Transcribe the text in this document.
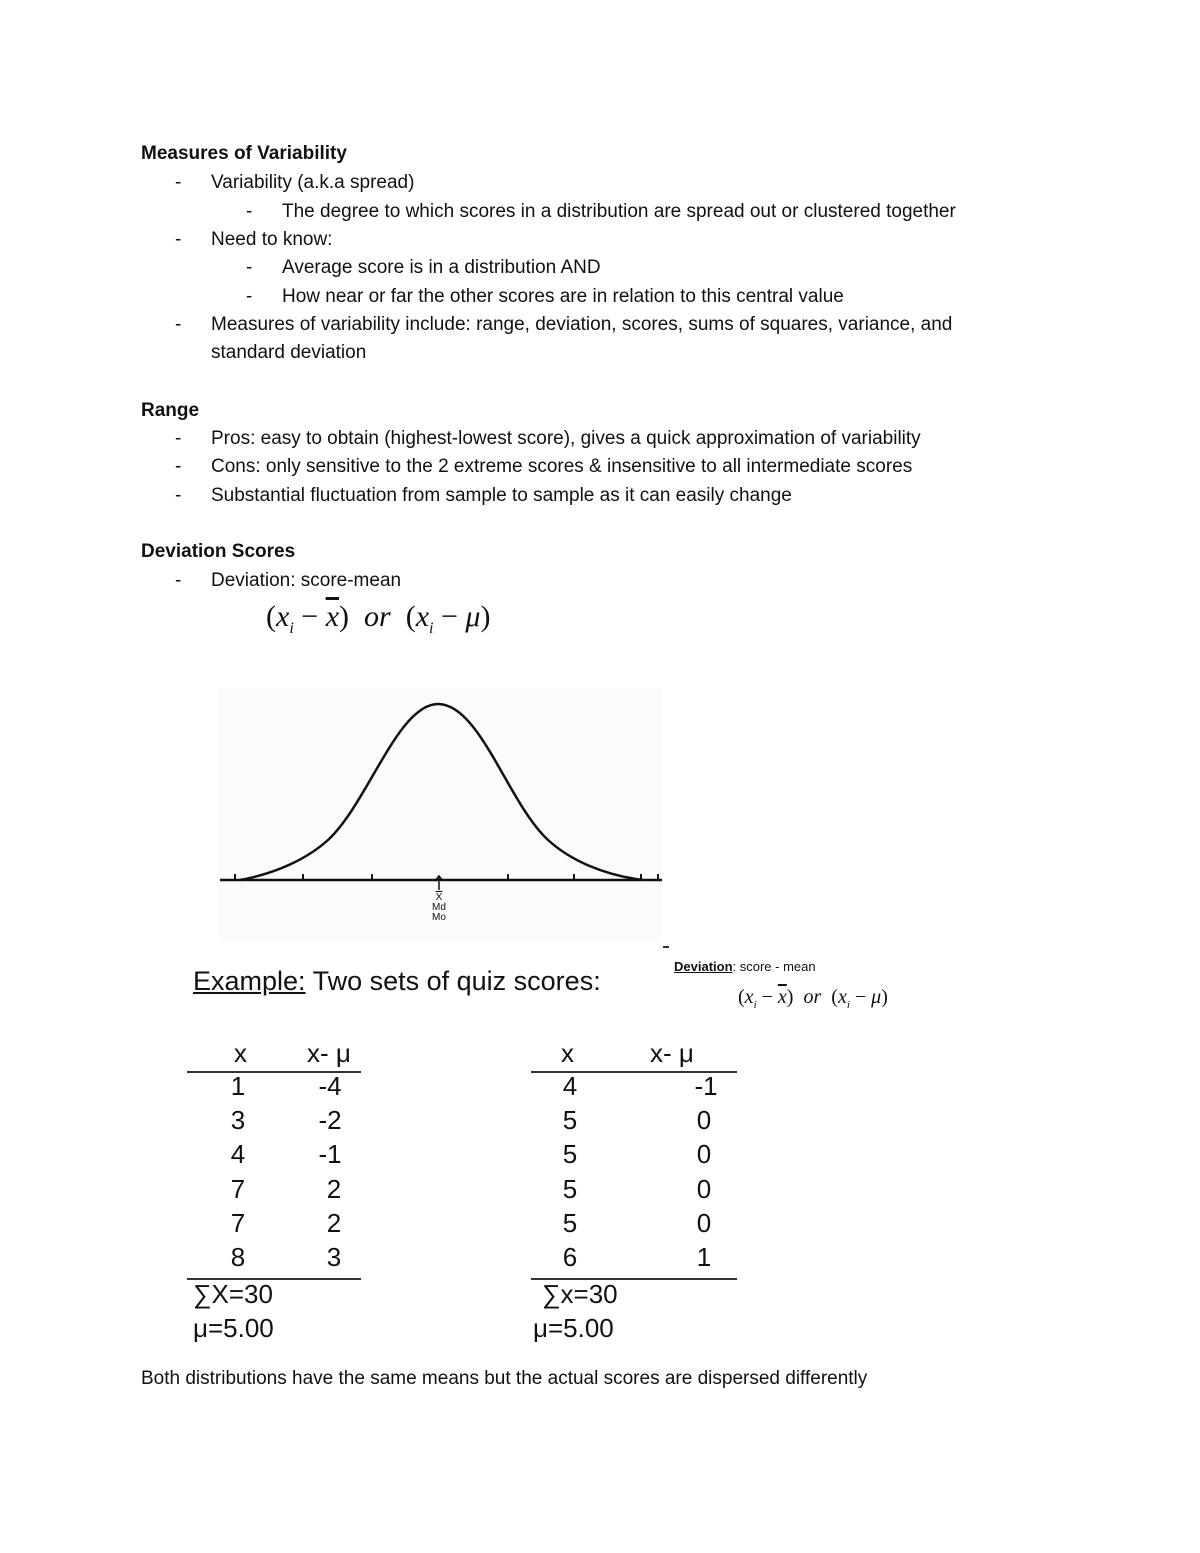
Measures of Variability
- Variability (a.k.a spread)
- The degree to which scores in a distribution are spread out or clustered together
- Need to know:
- Average score is in a distribution AND
- How near or far the other scores are in relation to this central value
- Measures of variability include: range, deviation, scores, sums of squares, variance, and
standard deviation
Range
- Pros: easy to obtain (highest-lowest score), gives a quick approximation of variability
- Cons: only sensitive to the 2 extreme scores & insensitive to all intermediate scores
- Substantial fluctuation from sample to sample as it can easily change
Deviation Scores
- Deviation: score-mean
$(x_i - \overline{x})$ or $(x_i - \mu)$
$\overline{X}$
Md
Mo
Example: Two sets of quiz scores:	Deviation: score - mean
$(x_i - \overline{x})$ or $(x_i - \mu)$
x x- μ
1	-4
3	-2
4	-1
7	2
7	2
8	3
∑X=30
μ=5.00
x	x- μ
4	-1
5	0
5	0
5	0
5	0
6	1
∑x=30
μ=5.00
Both distributions have the same means but the actual scores are dispersed differently
